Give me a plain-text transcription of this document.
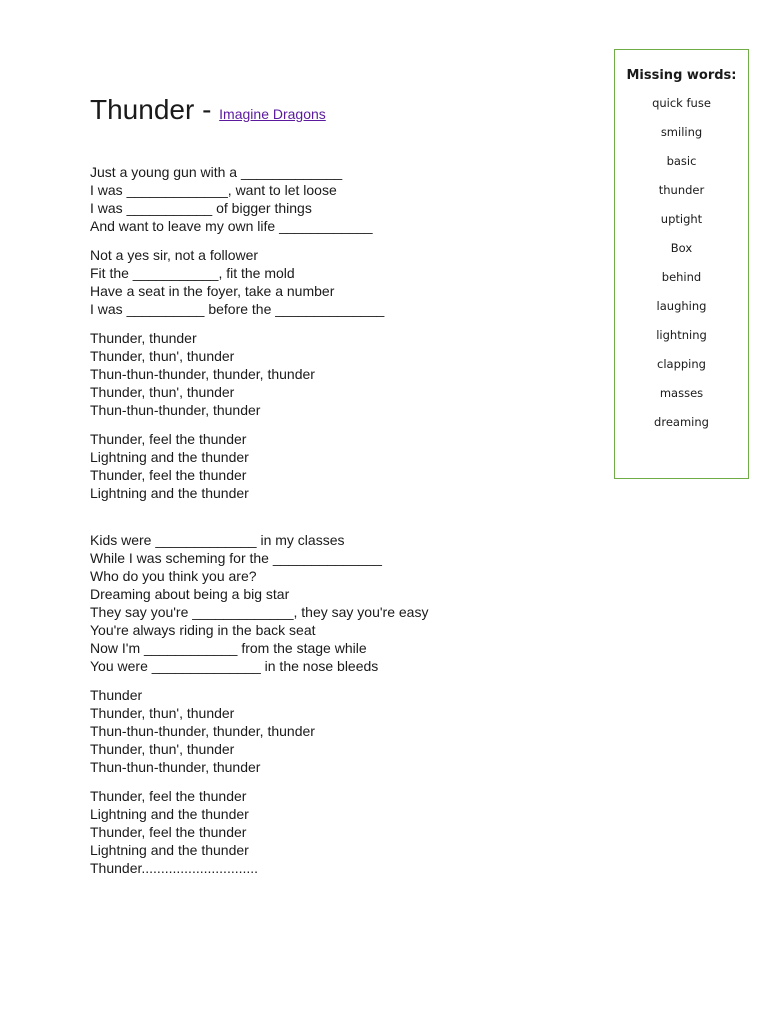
Thunder - Imagine Dragons
Just a young gun with a _____________
I was _____________, want to let loose
I was ___________ of bigger things
And want to leave my own life ____________
Not a yes sir, not a follower
Fit the ___________, fit the mold
Have a seat in the foyer, take a number
I was __________ before the ______________
Thunder, thunder
Thunder, thun', thunder
Thun-thun-thunder, thunder, thunder
Thunder, thun', thunder
Thun-thun-thunder, thunder
Thunder, feel the thunder
Lightning and the thunder
Thunder, feel the thunder
Lightning and the thunder
Kids were _____________ in my classes
While I was scheming for the ______________
Who do you think you are?
Dreaming about being a big star
They say you're _____________, they say you're easy
You're always riding in the back seat
Now I'm ____________ from the stage while
You were ______________ in the nose bleeds
Thunder
Thunder, thun', thunder
Thun-thun-thunder, thunder, thunder
Thunder, thun', thunder
Thun-thun-thunder, thunder
Thunder, feel the thunder
Lightning and the thunder
Thunder, feel the thunder
Lightning and the thunder
Thunder..............................
Missing words:
quick fuse
smiling
basic
thunder
uptight
Box
behind
laughing
lightning
clapping
masses
dreaming
